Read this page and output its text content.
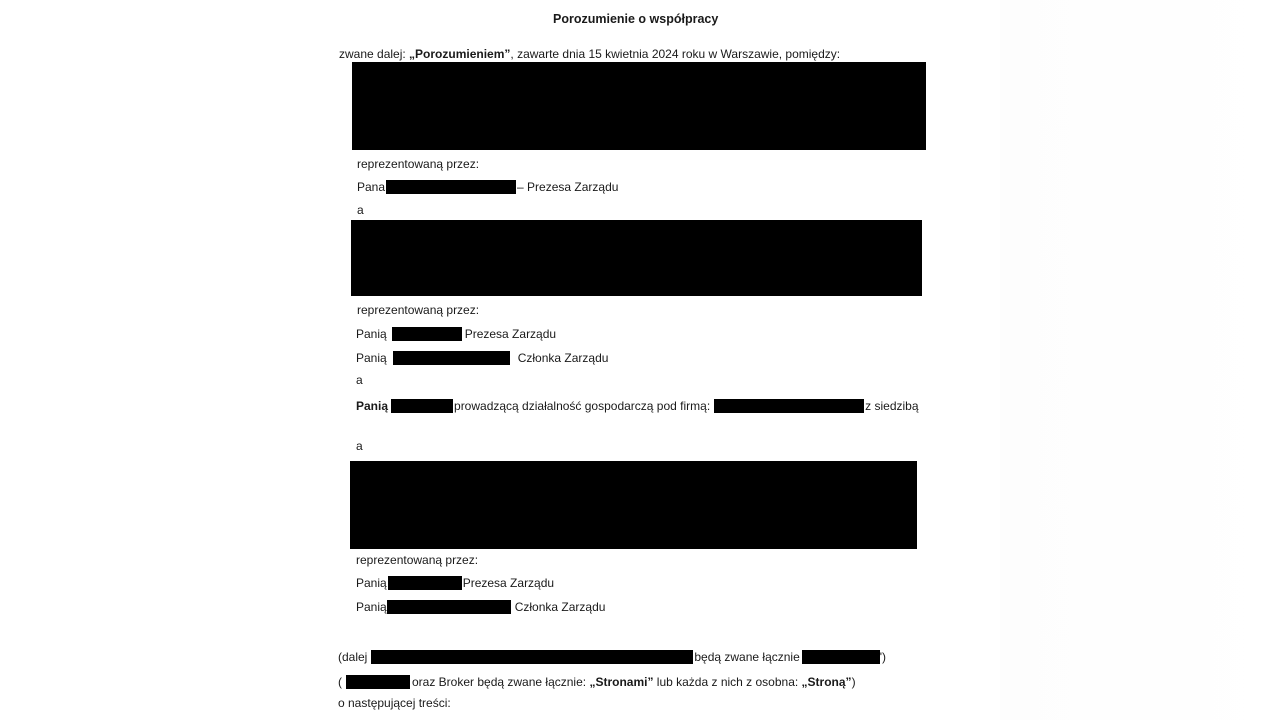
Porozumienie o współpracy
zwane dalej: „Porozumieniem”, zawarte dnia 15 kwietnia 2024 roku w Warszawie, pomiędzy:
reprezentowaną przez:
Pana	– Prezesa Zarządu
a
reprezentowaną przez:
Panią	Prezesa Zarządu
Panią	Członka Zarządu
a
Panią	prowadzącą działalność gospodarczą pod firmą:	z siedzibą
a
reprezentowaną przez:
Panią	Prezesa Zarządu
Panią	Członka Zarządu
(dalej	będą zwane łącznie	')
(	oraz Broker będą zwane łącznie: „Stronami” lub każda z nich z osobna: „Stroną”)
o następującej treści:
